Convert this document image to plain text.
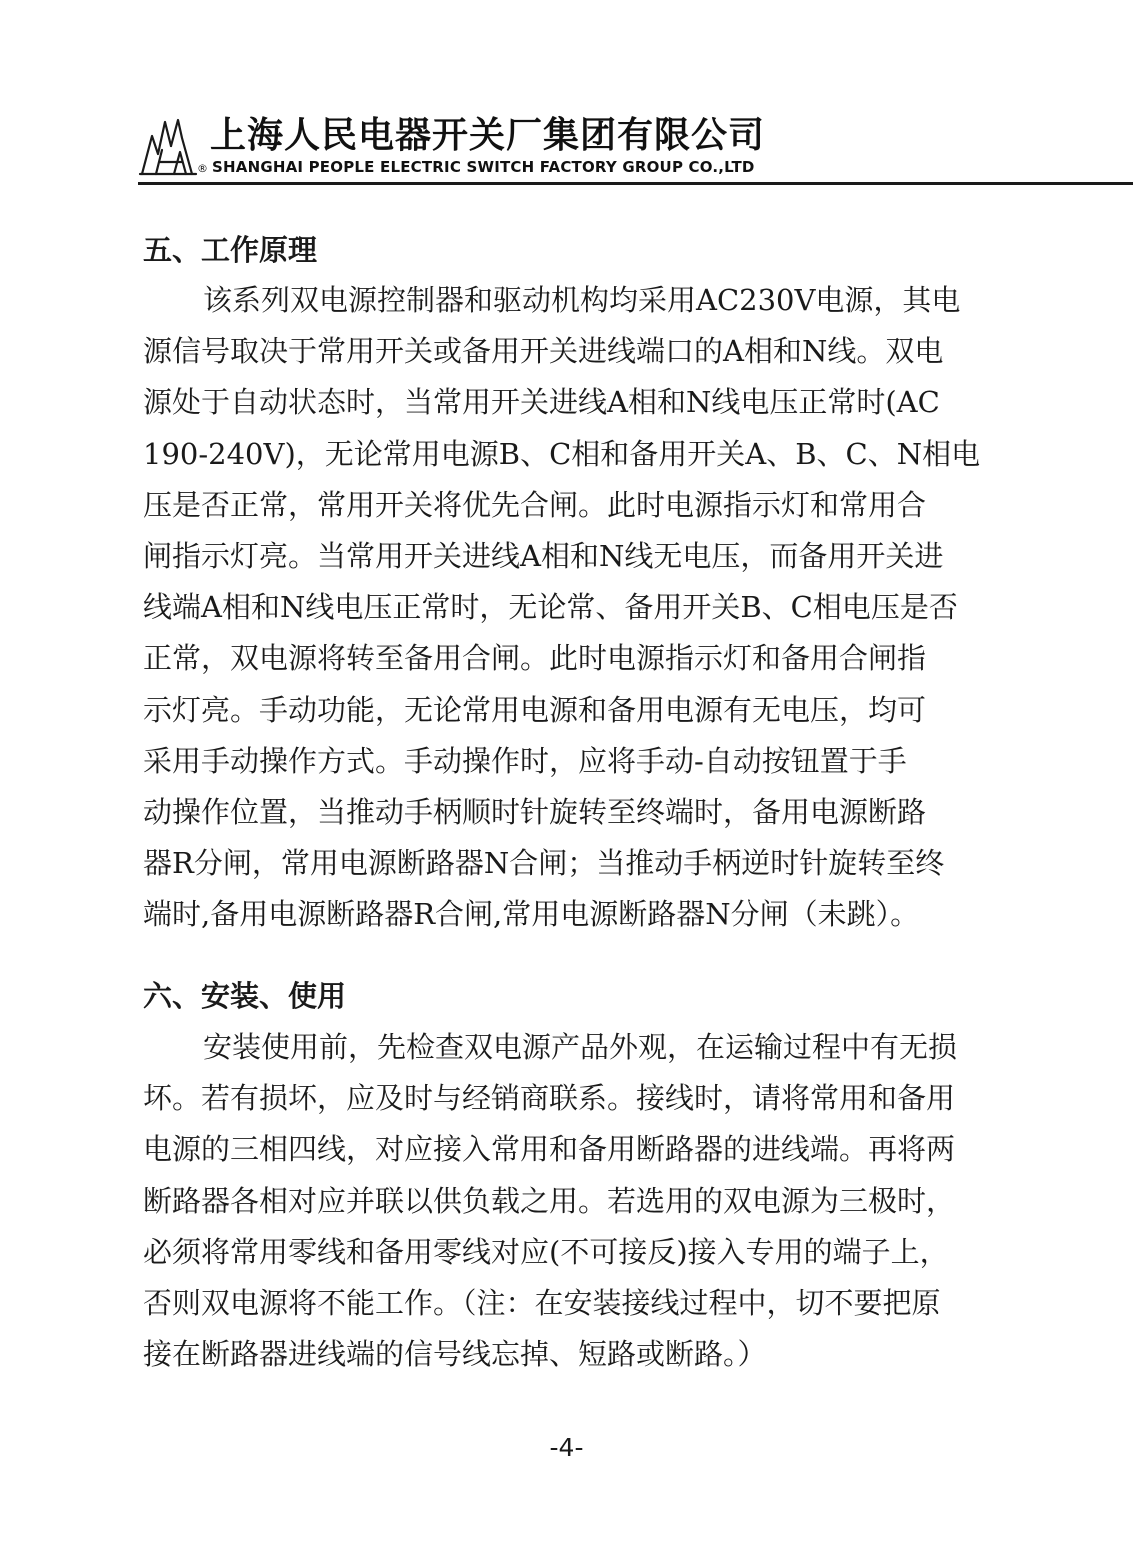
上海人民电器开关厂集团有限公司
® SHANGHAI PEOPLE ELECTRIC SWITCH FACTORY GROUP CO.,LTD
五、工作原理
该系列双电源控制器和驱动机构均采用AC230V电源，其电
源信号取决于常用开关或备用开关进线端口的A相和N线。双电
源处于自动状态时，当常用开关进线A相和N线电压正常时(AC
190-240V)，无论常用电源B、C相和备用开关A、B、C、N相电
压是否正常，常用开关将优先合闸。此时电源指示灯和常用合
闸指示灯亮。当常用开关进线A相和N线无电压，而备用开关进
线端A相和N线电压正常时，无论常、备用开关B、C相电压是否
正常，双电源将转至备用合闸。此时电源指示灯和备用合闸指
示灯亮。手动功能，无论常用电源和备用电源有无电压，均可
采用手动操作方式。手动操作时，应将手动-自动按钮置于手
动操作位置，当推动手柄顺时针旋转至终端时，备用电源断路
器R分闸，常用电源断路器N合闸；当推动手柄逆时针旋转至终
端时,备用电源断路器R合闸,常用电源断路器N分闸（未跳）。
六、安装、使用
安装使用前，先检查双电源产品外观，在运输过程中有无损
坏。若有损坏，应及时与经销商联系。接线时，请将常用和备用
电源的三相四线，对应接入常用和备用断路器的进线端。再将两
断路器各相对应并联以供负载之用。若选用的双电源为三极时，
必须将常用零线和备用零线对应(不可接反)接入专用的端子上，
否则双电源将不能工作。（注：在安装接线过程中，切不要把原
接在断路器进线端的信号线忘掉、短路或断路。）
-4-
